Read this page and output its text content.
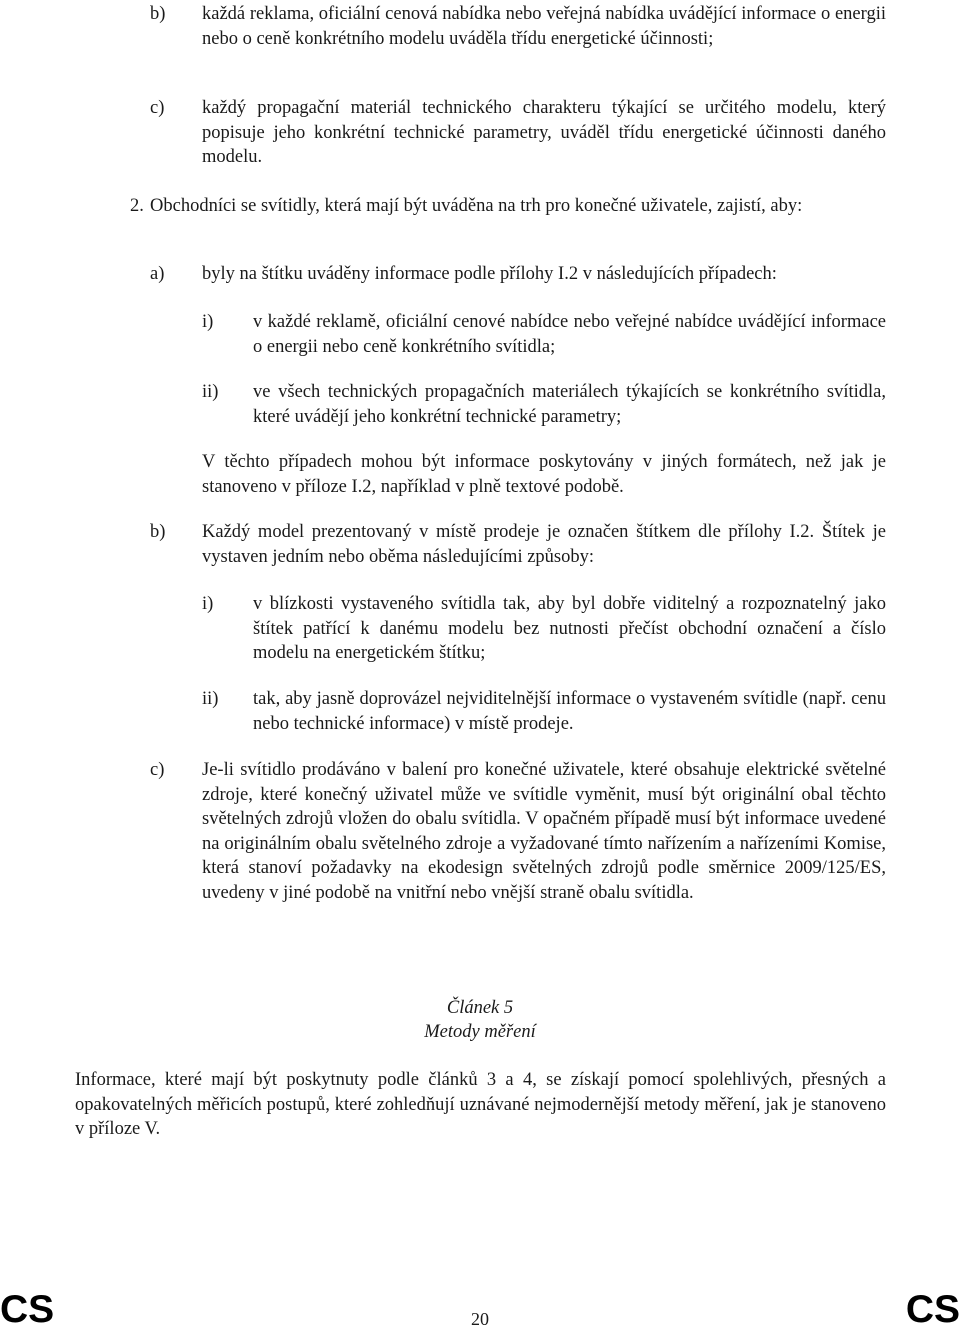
b) každá reklama, oficiální cenová nabídka nebo veřejná nabídka uvádějící informace o energii nebo o ceně konkrétního modelu uváděla třídu energetické účinnosti;
c) každý propagační materiál technického charakteru týkající se určitého modelu, který popisuje jeho konkrétní technické parametry, uváděl třídu energetické účinnosti daného modelu.
2. Obchodníci se svítidly, která mají být uváděna na trh pro konečné uživatele, zajistí, aby:
a) byly na štítku uváděny informace podle přílohy I.2 v následujících případech:
i) v každé reklamě, oficiální cenové nabídce nebo veřejné nabídce uvádějící informace o energii nebo ceně konkrétního svítidla;
ii) ve všech technických propagačních materiálech týkajících se konkrétního svítidla, které uvádějí jeho konkrétní technické parametry;
V těchto případech mohou být informace poskytovány v jiných formátech, než jak je stanoveno v příloze I.2, například v plně textové podobě.
b) Každý model prezentovaný v místě prodeje je označen štítkem dle přílohy I.2. Štítek je vystaven jedním nebo oběma následujícími způsoby:
i) v blízkosti vystaveného svítidla tak, aby byl dobře viditelný a rozpoznatelný jako štítek patřící k danému modelu bez nutnosti přečíst obchodní označení a číslo modelu na energetickém štítku;
ii) tak, aby jasně doprovázel nejviditelnější informace o vystaveném svítidle (např. cenu nebo technické informace) v místě prodeje.
c) Je-li svítidlo prodáváno v balení pro konečné uživatele, které obsahuje elektrické světelné zdroje, které konečný uživatel může ve svítidle vyměnit, musí být originální obal těchto světelných zdrojů vložen do obalu svítidla. V opačném případě musí být informace uvedené na originálním obalu světelného zdroje a vyžadované tímto nařízením a nařízeními Komise, která stanoví požadavky na ekodesign světelných zdrojů podle směrnice 2009/125/ES, uvedeny v jiné podobě na vnitřní nebo vnější straně obalu svítidla.
Článek 5
Metody měření
Informace, které mají být poskytnuty podle článků 3 a 4, se získají pomocí spolehlivých, přesných a opakovatelných měřicích postupů, které zohledňují uznávané nejmodernější metody měření, jak je stanoveno v příloze V.
CS	20	CS
